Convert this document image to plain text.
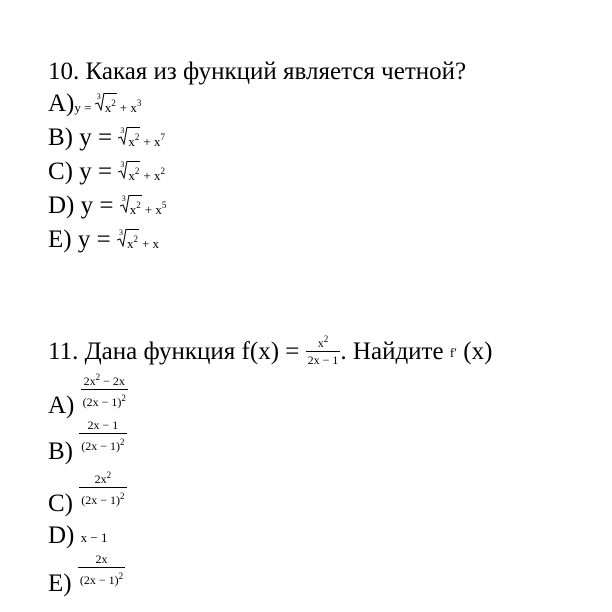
10. Какая из функций является четной?
A)y =
3
$x^2 + x^3$
B) y = 3
$x^2 + x^7$
C) y = 3
$x^2 + x^2$
D) y = 3
$x^2 + x^5$
E) y = 3
$x^2 + x$
11. Дана функция $f(x) = \frac{x^2}{2x - 1}$ . Найдите f′ (x)
$A) \frac{2x^2 - 2x}{(2x - 1)^2}$
$B) \frac{2x - 1}{(2x - 1)^2}$
$C) \frac{2x^2}{(2x - 1)^2}$
D) x − 1
$E) \frac{2x}{(2x - 1)^2}$
